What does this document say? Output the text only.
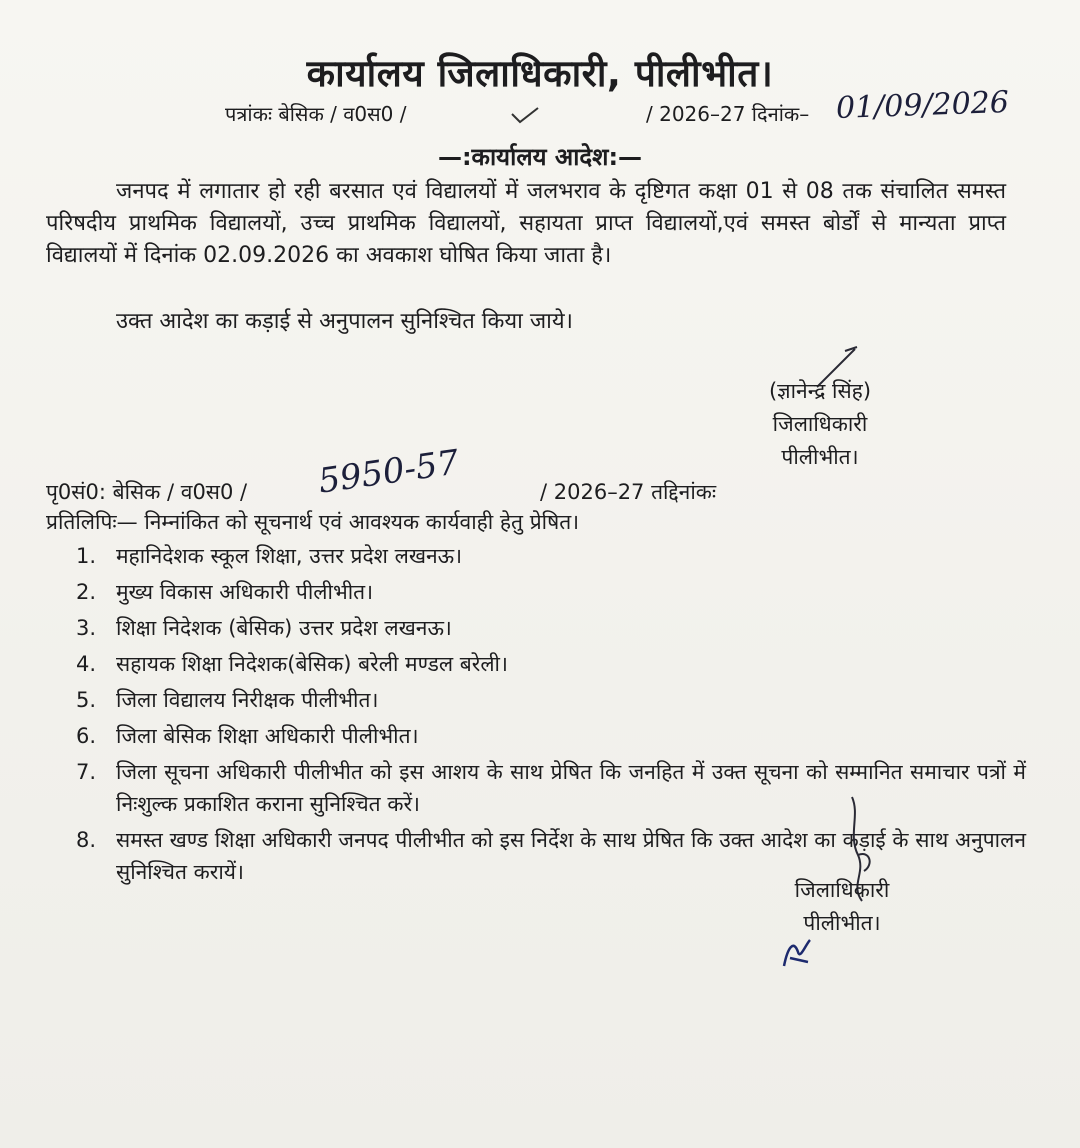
कार्यालय जिलाधिकारी, पीलीभीत।
पत्रांकः बेसिक / व0स0 /	/ 2026–27 दिनांक– 01/09/2026
—:कार्यालय आदेश:—
जनपद में लगातार हो रही बरसात एवं विद्यालयों में जलभराव के दृष्टिगत कक्षा 01 से 08 तक संचालित समस्त परिषदीय प्राथमिक विद्यालयों, उच्च प्राथमिक विद्यालयों, सहायता प्राप्त विद्यालयों,एवं समस्त बोर्डों से मान्यता प्राप्त विद्यालयों में दिनांक 02.09.2026 का अवकाश घोषित किया जाता है।
उक्त आदेश का कड़ाई से अनुपालन सुनिश्चित किया जाये।
(ज्ञानेन्द्र सिंह)
जिलाधिकारी
पीलीभीत।
पृ0सं0: बेसिक / व0स0 / 5950-57	/ 2026–27 तद्दिनांकः
प्रतिलिपिः— निम्नांकित को सूचनार्थ एवं आवश्यक कार्यवाही हेतु प्रेषित।
1. महानिदेशक स्कूल शिक्षा, उत्तर प्रदेश लखनऊ।
2. मुख्य विकास अधिकारी पीलीभीत।
3. शिक्षा निदेशक (बेसिक) उत्तर प्रदेश लखनऊ।
4. सहायक शिक्षा निदेशक(बेसिक) बरेली मण्डल बरेली।
5. जिला विद्यालय निरीक्षक पीलीभीत।
6. जिला बेसिक शिक्षा अधिकारी पीलीभीत।
7. जिला सूचना अधिकारी पीलीभीत को इस आशय के साथ प्रेषित कि जनहित में उक्त सूचना को सम्मानित समाचार पत्रों में निःशुल्क प्रकाशित कराना सुनिश्चित करें।
8. समस्त खण्ड शिक्षा अधिकारी जनपद पीलीभीत को इस निर्देश के साथ प्रेषित कि उक्त आदेश का कड़ाई के साथ अनुपालन सुनिश्चित करायें।
जिलाधिकारी
पीलीभीत।
